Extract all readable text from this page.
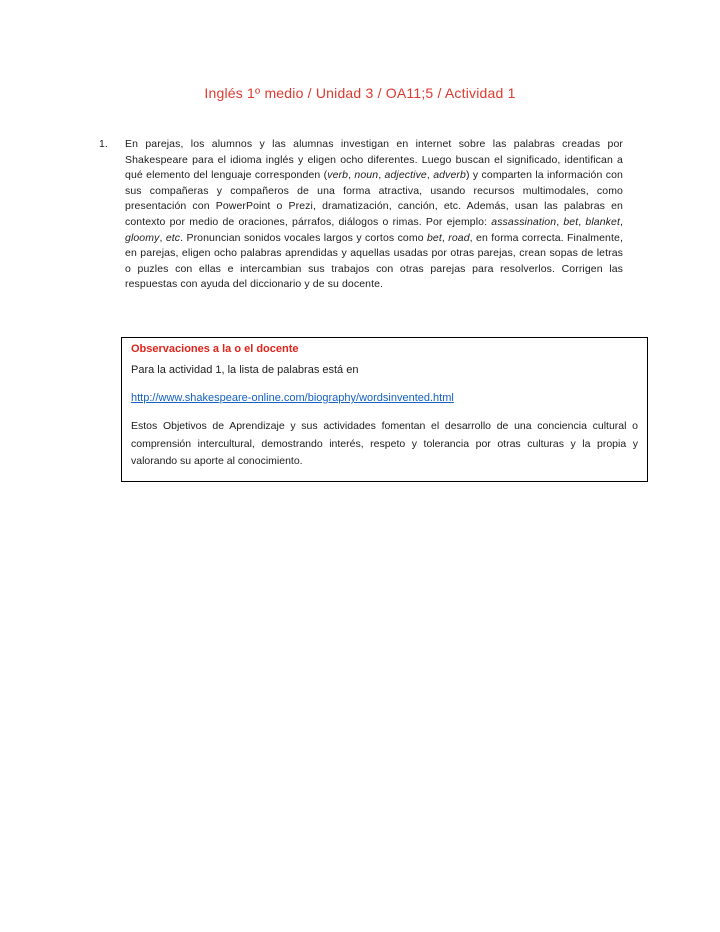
Inglés 1º medio / Unidad 3 / OA11;5 / Actividad 1
1.	En parejas, los alumnos y las alumnas investigan en internet sobre las palabras creadas por Shakespeare para el idioma inglés y eligen ocho diferentes. Luego buscan el significado, identifican a qué elemento del lenguaje corresponden (verb, noun, adjective, adverb) y comparten la información con sus compañeras y compañeros de una forma atractiva, usando recursos multimodales, como presentación con PowerPoint o Prezi, dramatización, canción, etc. Además, usan las palabras en contexto por medio de oraciones, párrafos, diálogos o rimas. Por ejemplo: assassination, bet, blanket, gloomy, etc. Pronuncian sonidos vocales largos y cortos como bet, road, en forma correcta. Finalmente, en parejas, eligen ocho palabras aprendidas y aquellas usadas por otras parejas, crean sopas de letras o puzles con ellas e intercambian sus trabajos con otras parejas para resolverlos. Corrigen las respuestas con ayuda del diccionario y de su docente.

Observaciones a la o el docente

Para la actividad 1, la lista de palabras está en

http://www.shakespeare-online.com/biography/wordsinvented.html

Estos Objetivos de Aprendizaje y sus actividades fomentan el desarrollo de una conciencia cultural o comprensión intercultural, demostrando interés, respeto y tolerancia por otras culturas y la propia y valorando su aporte al conocimiento.
